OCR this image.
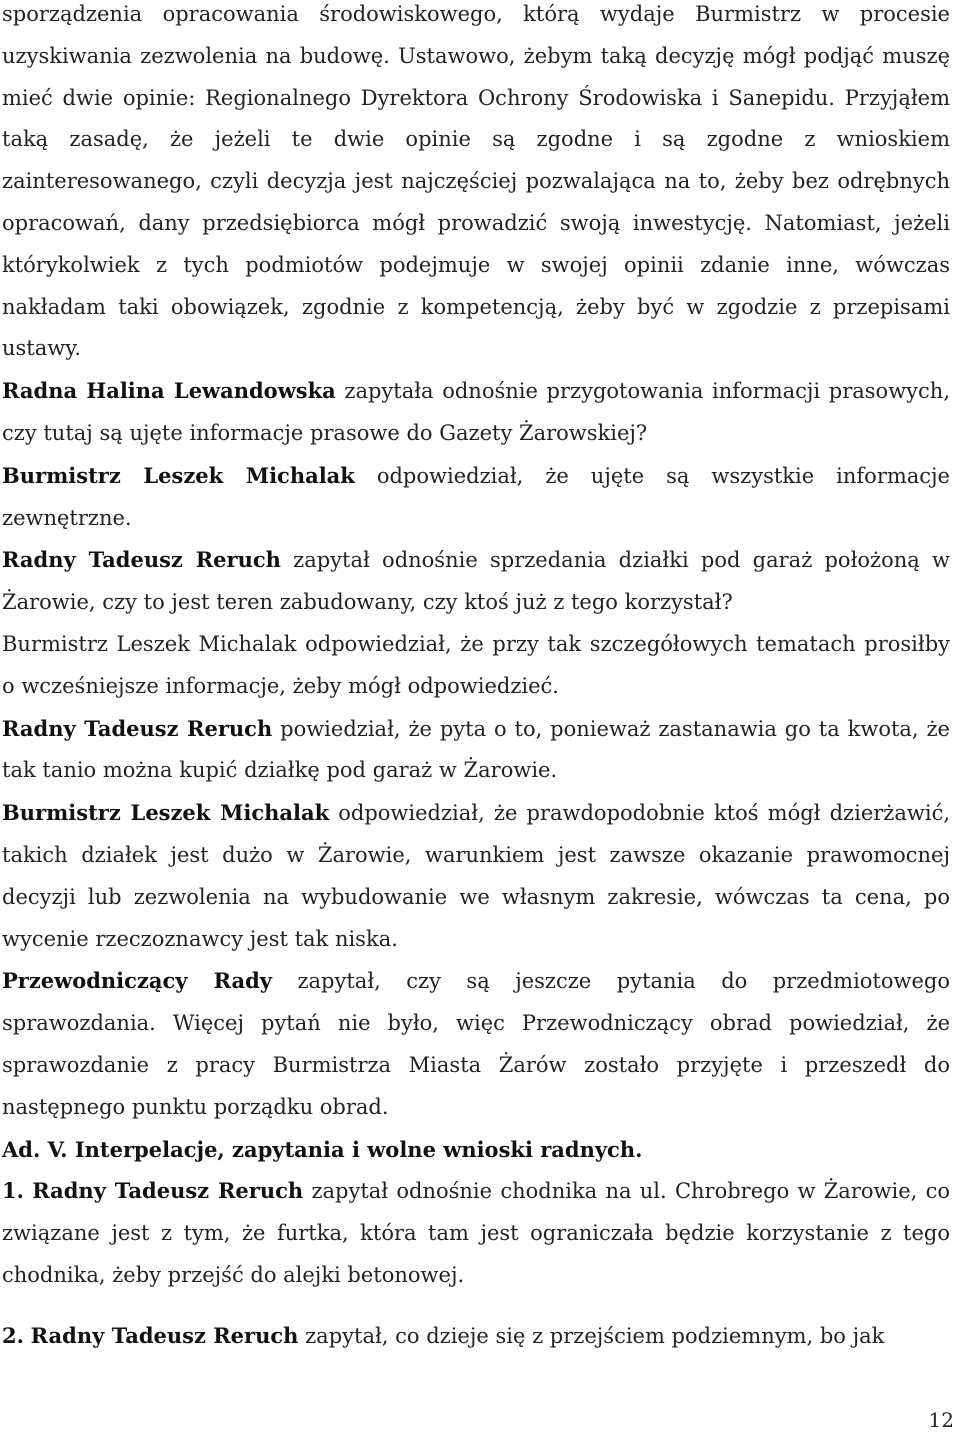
sporządzenia opracowania środowiskowego, którą wydaje Burmistrz w procesie uzyskiwania zezwolenia na budowę. Ustawowo, żebym taką decyzję mógł podjąć muszę mieć dwie opinie: Regionalnego Dyrektora Ochrony Środowiska i Sanepidu. Przyjąłem taką zasadę, że jeżeli te dwie opinie są zgodne i są zgodne z wnioskiem zainteresowanego, czyli decyzja jest najczęściej pozwalająca na to, żeby bez odrębnych opracowań, dany przedsiębiorca mógł prowadzić swoją inwestycję. Natomiast, jeżeli którykolwiek z tych podmiotów podejmuje w swojej opinii zdanie inne, wówczas nakładam taki obowiązek, zgodnie z kompetencją, żeby być w zgodzie z przepisami ustawy.

Radna Halina Lewandowska zapytała odnośnie przygotowania informacji prasowych, czy tutaj są ujęte informacje prasowe do Gazety Żarowskiej?

Burmistrz Leszek Michalak odpowiedział, że ujęte są wszystkie informacje zewnętrzne.

Radny Tadeusz Reruch zapytał odnośnie sprzedania działki pod garaż położoną w Żarowie, czy to jest teren zabudowany, czy ktoś już z tego korzystał?

Burmistrz Leszek Michalak odpowiedział, że przy tak szczegółowych tematach prosiłby o wcześniejsze informacje, żeby mógł odpowiedzieć.

Radny Tadeusz Reruch powiedział, że pyta o to, ponieważ zastanawia go ta kwota, że tak tanio można kupić działkę pod garaż w Żarowie.

Burmistrz Leszek Michalak odpowiedział, że prawdopodobnie ktoś mógł dzierżawić, takich działek jest dużo w Żarowie, warunkiem jest zawsze okazanie prawomocnej decyzji lub zezwolenia na wybudowanie we własnym zakresie, wówczas ta cena, po wycenie rzeczoznawcy jest tak niska.

Przewodniczący Rady zapytał, czy są jeszcze pytania do przedmiotowego sprawozdania. Więcej pytań nie było, więc Przewodniczący obrad powiedział, że sprawozdanie z pracy Burmistrza Miasta Żarów zostało przyjęte i przeszedł do następnego punktu porządku obrad.

Ad. V. Interpelacje, zapytania i wolne wnioski radnych.

1. Radny Tadeusz Reruch zapytał odnośnie chodnika na ul. Chrobrego w Żarowie, co związane jest z tym, że furtka, która tam jest ograniczała będzie korzystanie z tego chodnika, żeby przejść do alejki betonowej.

2. Radny Tadeusz Reruch zapytał, co dzieje się z przejściem podziemnym, bo jak

12
